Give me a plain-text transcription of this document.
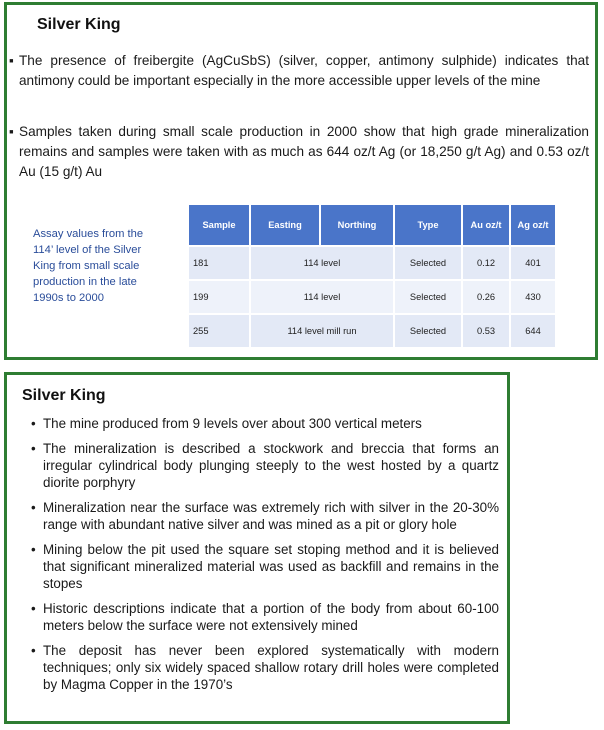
Silver King
▪ The presence of freibergite (AgCuSbS) (silver, copper, antimony sulphide) indicates that antimony could be important especially in the more accessible upper levels of the mine
▪ Samples taken during small scale production in 2000 show that high grade mineralization remains and samples were taken with as much as 644 oz/t Ag (or 18,250 g/t Ag) and 0.53 oz/t Au (15 g/t) Au
Assay values from the 114’ level of the Silver King from small scale production in the late 1990s to 2000
Sample	Easting	Northing	Type	Au oz/t	Ag oz/t
181	114 level		Selected	0.12	401
199	114 level		Selected	0.26	430
255	114 level mill run		Selected	0.53	644
Silver King
• The mine produced from 9 levels over about 300 vertical meters
• The mineralization is described a stockwork and breccia that forms an irregular cylindrical body plunging steeply to the west hosted by a quartz diorite porphyry
• Mineralization near the surface was extremely rich with silver in the 20-30% range with abundant native silver and was mined as a pit or glory hole
• Mining below the pit used the square set stoping method and it is believed that significant mineralized material was used as backfill and remains in the stopes
• Historic descriptions indicate that a portion of the body from about 60-100 meters below the surface were not extensively mined
• The deposit has never been explored systematically with modern techniques; only six widely spaced shallow rotary drill holes were completed by Magma Copper in the 1970’s
